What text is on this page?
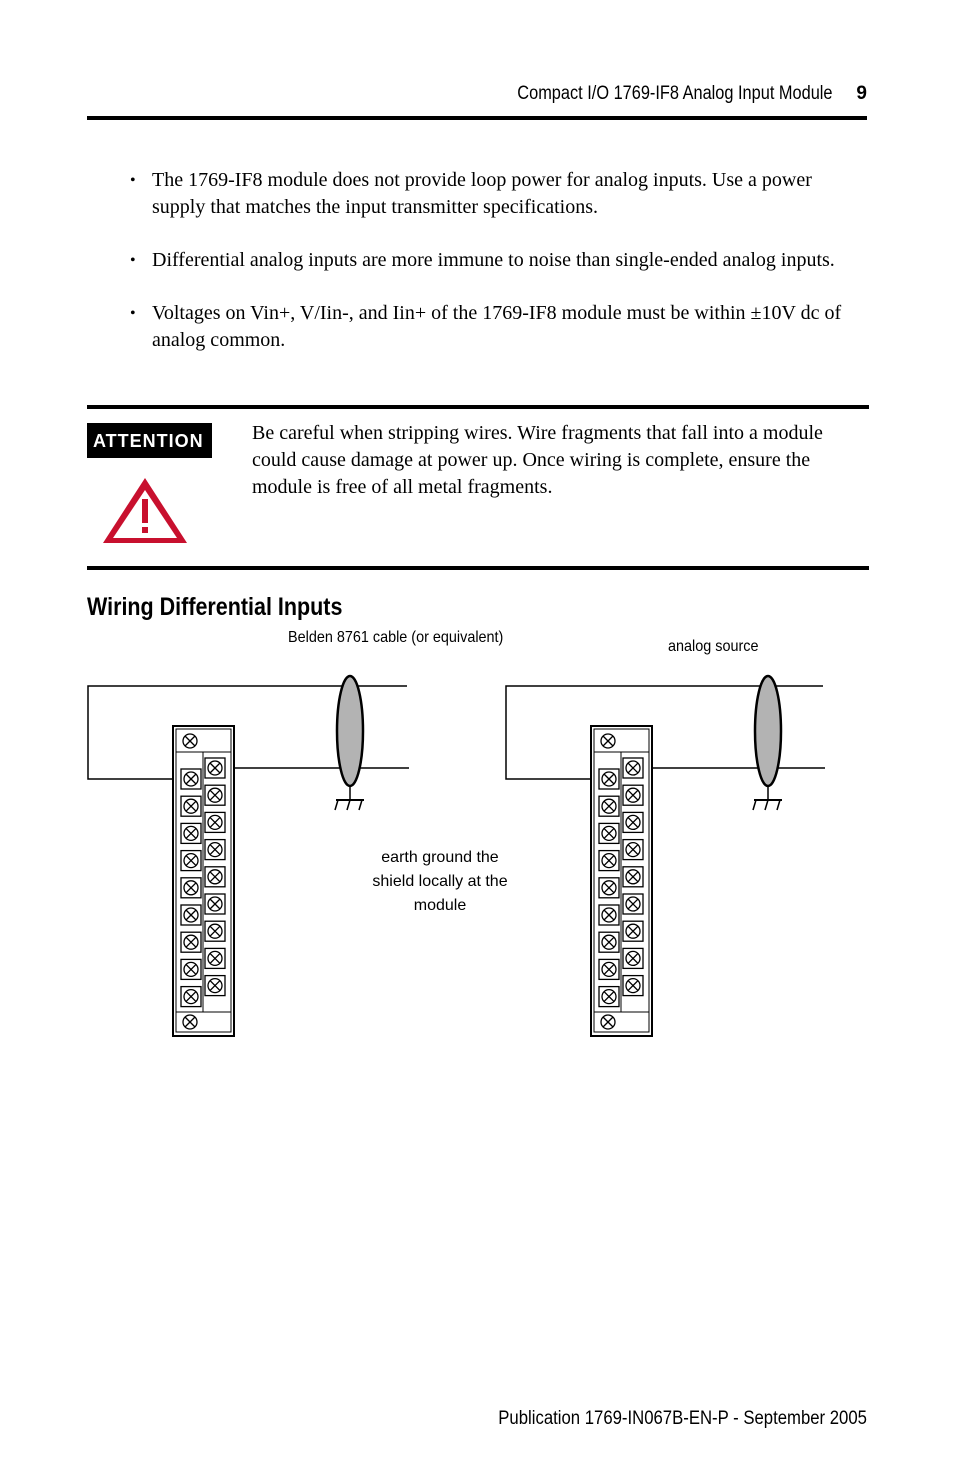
Compact I/O 1769-IF8 Analog Input Module 9
• The 1769-IF8 module does not provide loop power for analog inputs. Use a power supply that matches the input transmitter specifications.
• Differential analog inputs are more immune to noise than single-ended analog inputs.
• Voltages on Vin+, V/Iin-, and Iin+ of the 1769-IF8 module must be within ±10V dc of analog common.
ATTENTION	Be careful when stripping wires. Wire fragments that fall into a module could cause damage at power up. Once wiring is complete, ensure the module is free of all metal fragments.
Wiring Differential Inputs
Belden 8761 cable (or equivalent)
analog source
earth ground the shield locally at the module
Publication 1769-IN067B-EN-P - September 2005
